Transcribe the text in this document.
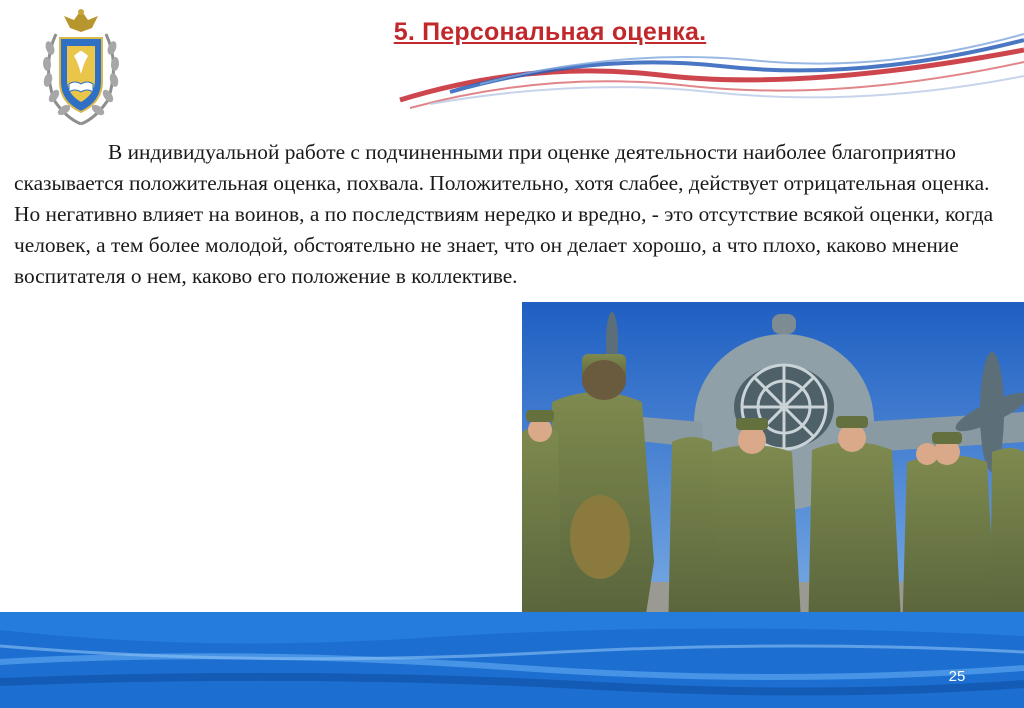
5. Персональная оценка.

В индивидуальной работе с подчиненными при оценке деятельности наиболее благоприятно сказывается положительная оценка, похвала. Положительно, хотя слабее, действует отрицательная оценка. Но негативно влияет на воинов, а по последствиям нередко и вредно, - это отсутствие всякой оценки, когда человек, а тем более молодой, обстоятельно не знает, что он делает хорошо, а что плохо, каково мнение воспитателя о нем, каково его положение в коллективе.

25
